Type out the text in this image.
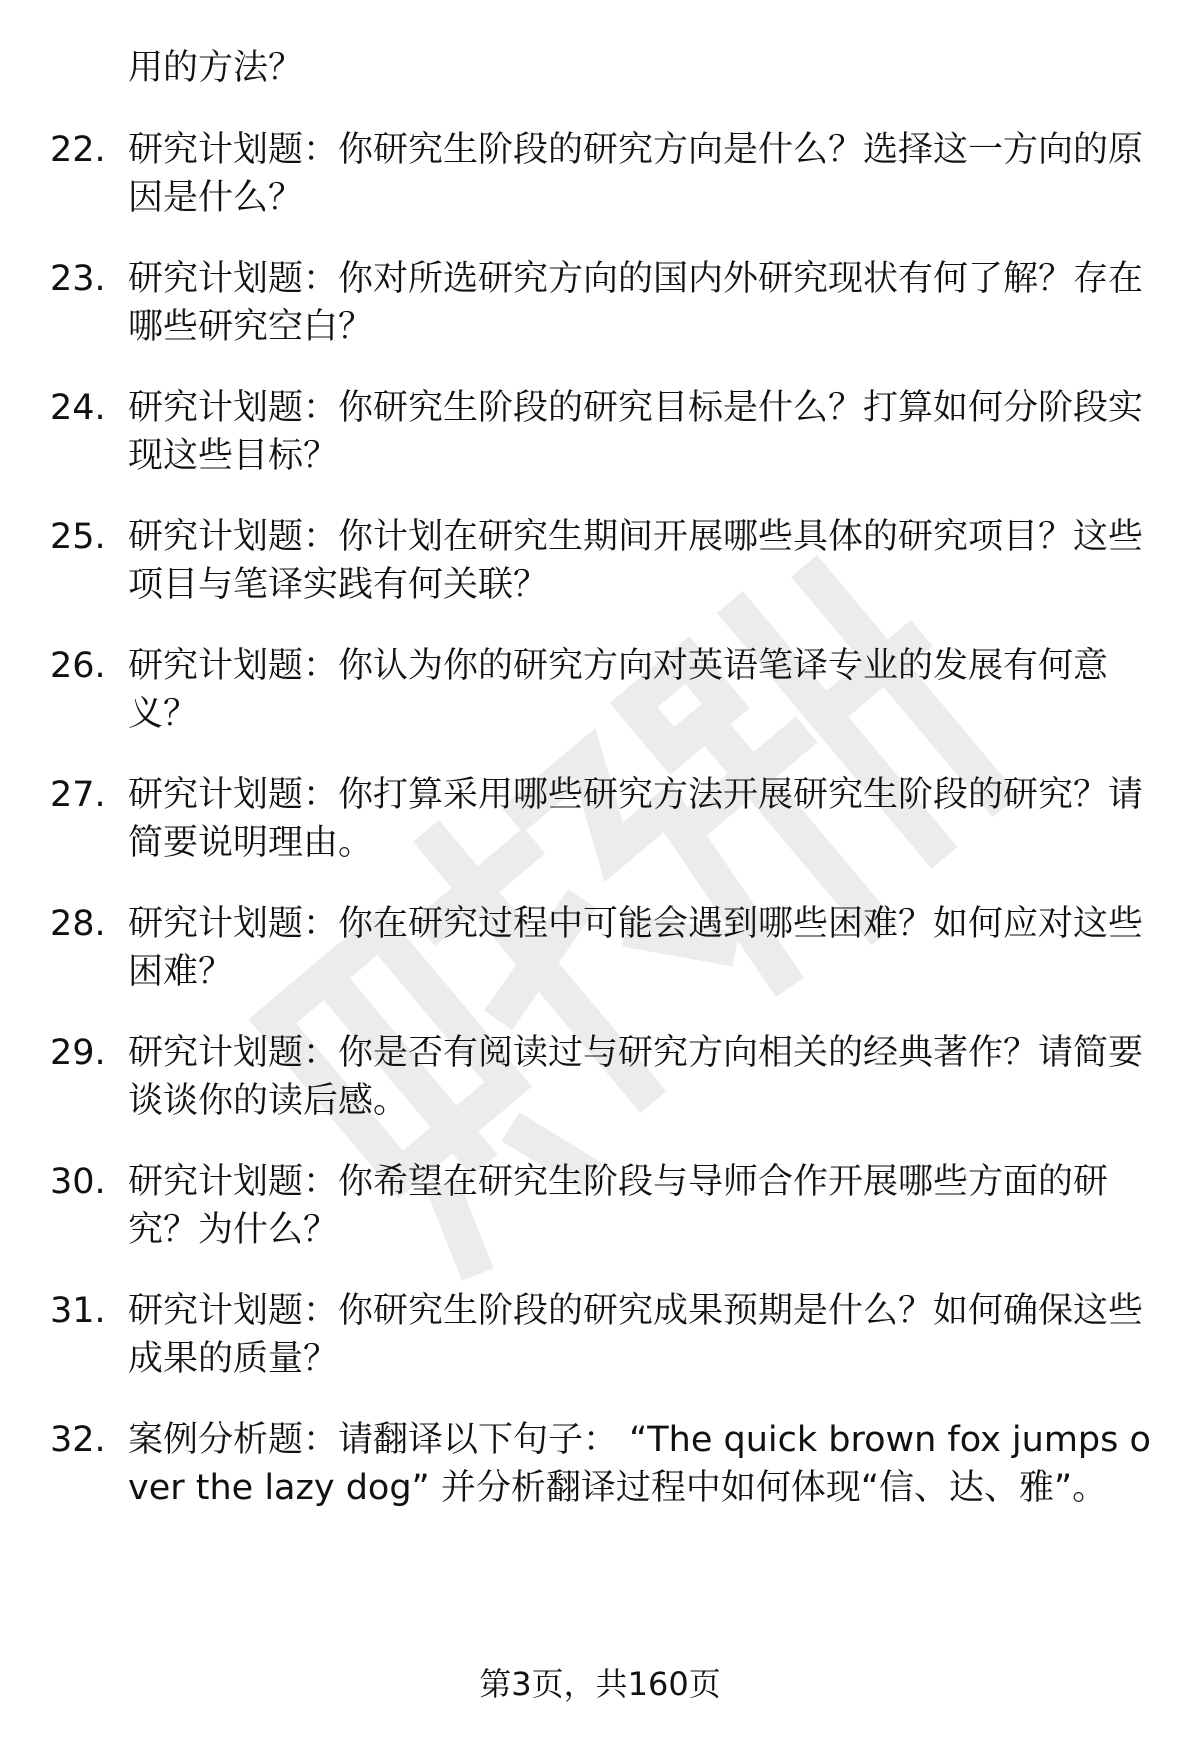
用的方法？
22. 研究计划题：你研究生阶段的研究方向是什么？选择这一方向的原因是什么？
23. 研究计划题：你对所选研究方向的国内外研究现状有何了解？存在哪些研究空白？
24. 研究计划题：你研究生阶段的研究目标是什么？打算如何分阶段实现这些目标？
25. 研究计划题：你计划在研究生期间开展哪些具体的研究项目？这些项目与笔译实践有何关联？
26. 研究计划题：你认为你的研究方向对英语笔译专业的发展有何意义？
27. 研究计划题：你打算采用哪些研究方法开展研究生阶段的研究？请简要说明理由。
28. 研究计划题：你在研究过程中可能会遇到哪些困难？如何应对这些困难？
29. 研究计划题：你是否有阅读过与研究方向相关的经典著作？请简要谈谈你的读后感。
30. 研究计划题：你希望在研究生阶段与导师合作开展哪些方面的研究？为什么？
31. 研究计划题：你研究生阶段的研究成果预期是什么？如何确保这些成果的质量？
32. 案例分析题：请翻译以下句子： “The quick brown fox jumps over the lazy dog” 并分析翻译过程中如何体现“信、达、雅”。
第3页，共160页
